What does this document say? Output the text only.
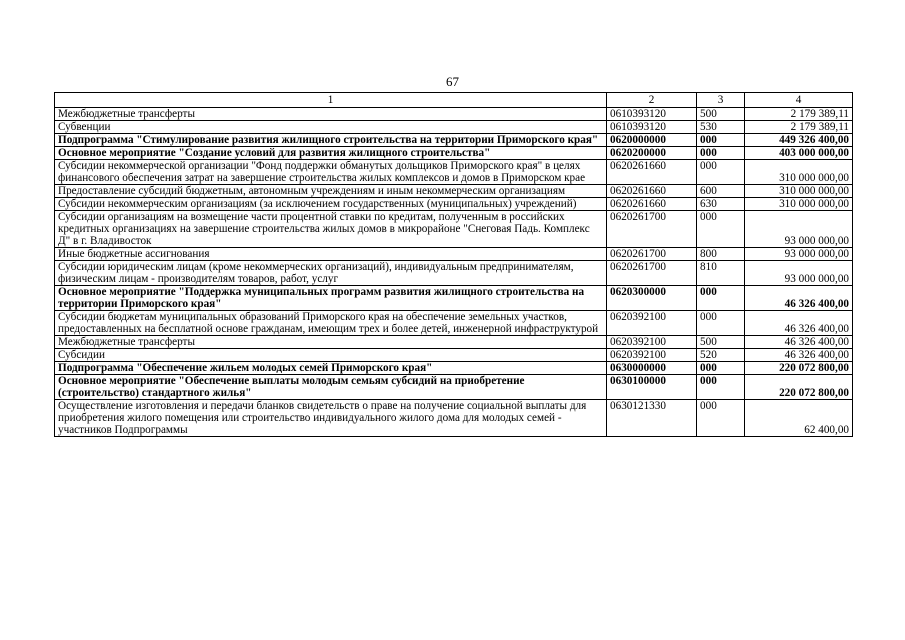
67
1	2	3	4
Межбюджетные трансферты	0610393120	500	2 179 389,11
Субвенции	0610393120	530	2 179 389,11
Подпрограмма "Стимулирование развития жилищного строительства на территории Приморского края"	0620000000	000	449 326 400,00
Основное мероприятие "Создание условий для развития жилищного строительства"	0620200000	000	403 000 000,00
Субсидии некоммерческой организации "Фонд поддержки обманутых дольщиков Приморского края" в целях финансового обеспечения затрат на завершение строительства жилых комплексов и домов в Приморском крае	0620261660	000	310 000 000,00
Предоставление субсидий бюджетным, автономным учреждениям и иным некоммерческим организациям	0620261660	600	310 000 000,00
Субсидии некоммерческим организациям (за исключением государственных (муниципальных) учреждений)	0620261660	630	310 000 000,00
Субсидии организациям на возмещение части процентной ставки по кредитам, полученным в российских кредитных организациях на завершение строительства жилых домов в микрорайоне "Снеговая Падь. Комплекс Д" в г. Владивосток	0620261700	000	93 000 000,00
Иные бюджетные ассигнования	0620261700	800	93 000 000,00
Субсидии юридическим лицам (кроме некоммерческих организаций), индивидуальным предпринимателям, физическим лицам - производителям товаров, работ, услуг	0620261700	810	93 000 000,00
Основное мероприятие "Поддержка муниципальных программ развития жилищного строительства на территории Приморского края"	0620300000	000	46 326 400,00
Субсидии бюджетам муниципальных образований Приморского края на обеспечение земельных участков, предоставленных на бесплатной основе гражданам, имеющим трех и более детей, инженерной инфраструктурой	0620392100	000	46 326 400,00
Межбюджетные трансферты	0620392100	500	46 326 400,00
Субсидии	0620392100	520	46 326 400,00
Подпрограмма "Обеспечение жильем молодых семей Приморского края"	0630000000	000	220 072 800,00
Основное мероприятие "Обеспечение выплаты молодым семьям субсидий на приобретение (строительство) стандартного жилья"	0630100000	000	220 072 800,00
Осуществление изготовления и передачи бланков свидетельств о праве на получение социальной выплаты для приобретения жилого помещения или строительство индивидуального жилого дома для молодых семей - участников Подпрограммы	0630121330	000	62 400,00
